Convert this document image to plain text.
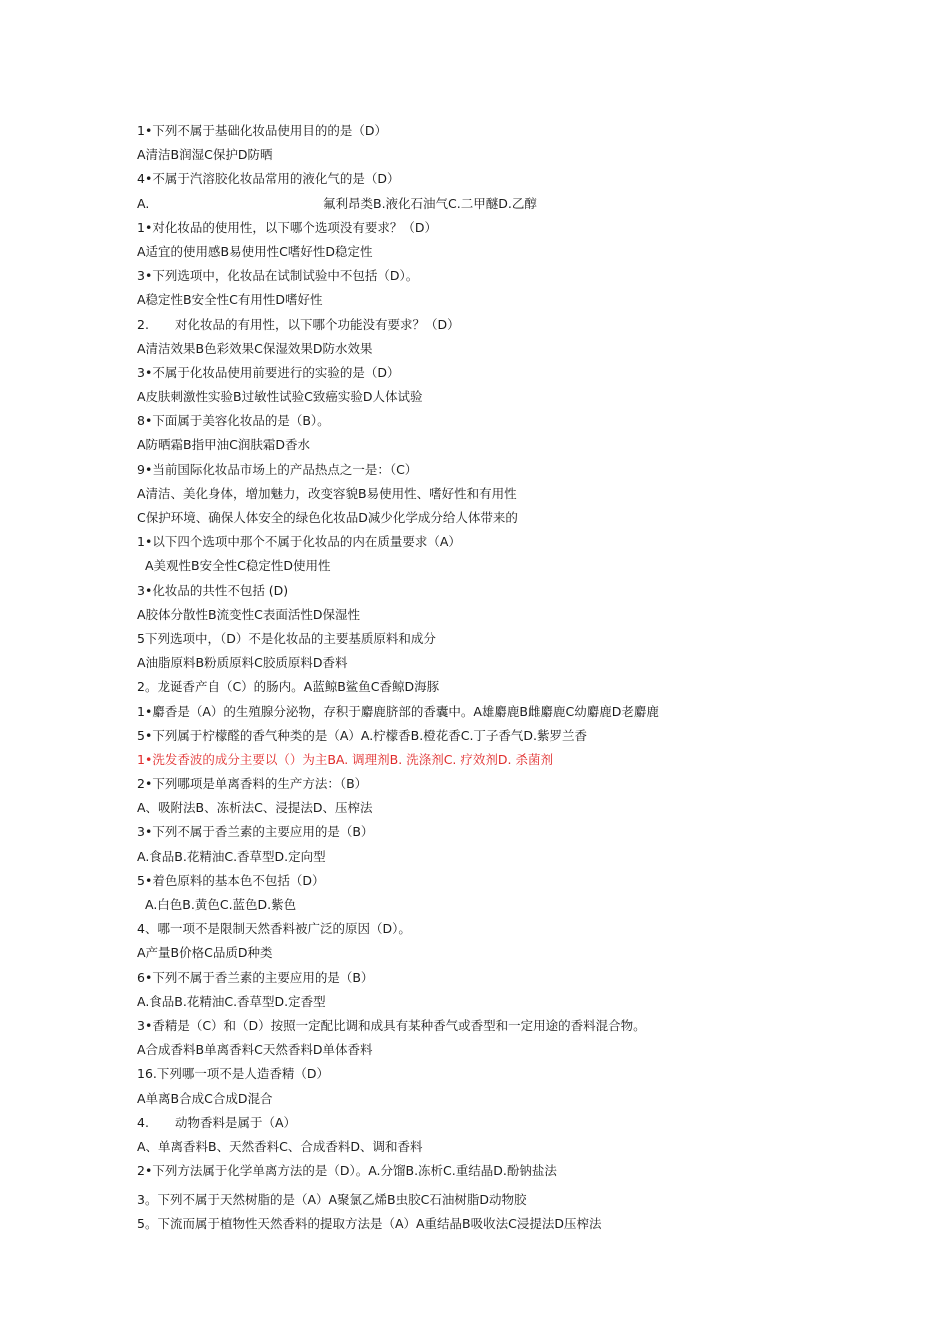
1•下列不属于基础化妆品使用目的的是（D）
A清洁B润湿C保护D防晒
4•不属于汽溶胶化妆品常用的液化气的是（D）
A.	氟利昂类B.液化石油气C.二甲醚D.乙醇
1•对化妆品的使用性，以下哪个选项没有要求？（D）
A适宜的使用感B易使用性C嗜好性D稳定性
3•下列选项中，化妆品在试制试验中不包括（D）。
A稳定性B安全性C有用性D嗜好性
2. 对化妆品的有用性，以下哪个功能没有要求？（D）
A清洁效果B色彩效果C保湿效果D防水效果
3•不属于化妆品使用前要进行的实验的是（D）
A皮肤刺激性实验B过敏性试验C致癌实验D人体试验
8•下面属于美容化妆品的是（B）。
A防晒霜B指甲油C润肤霜D香水
9•当前国际化妆品市场上的产品热点之一是：（C）
A清洁、美化身体，增加魅力，改变容貌B易使用性、嗜好性和有用性
C保护环境、确保人体安全的绿色化妆品D减少化学成分给人体带来的
1•以下四个选项中那个不属于化妆品的内在质量要求（A）
A美观性B安全性C稳定性D使用性
3•化妆品的共性不包括 (D)
A胶体分散性B流变性C表面活性D保湿性
5下列选项中，（D）不是化妆品的主要基质原料和成分
A油脂原料B粉质原料C胶质原料D香料
2。龙诞香产自（C）的肠内。A蓝鲸B鲨鱼C香鲸D海豚
1•麝香是（A）的生殖腺分泌物，存积于麝鹿脐部的香囊中。A雄麝鹿B雌麝鹿C幼麝鹿D老麝鹿
5•下列属于柠檬醛的香气种类的是（A）A.柠檬香B.橙花香C.丁子香气D.紫罗兰香
1•洗发香波的成分主要以（）为主BA. 调理剂B. 洗涤剂C. 疗效剂D. 杀菌剂
2•下列哪项是单离香料的生产方法：（B）
A、吸附法B、冻析法C、浸提法D、压榨法
3•下列不属于香兰素的主要应用的是（B）
A.食品B.花精油C.香草型D.定向型
5•着色原料的基本色不包括（D）
A.白色B.黄色C.蓝色D.紫色
4、哪一项不是限制天然香料被广泛的原因（D）。
A产量B价格C品质D种类
6•下列不属于香兰素的主要应用的是（B）
A.食品B.花精油C.香草型D.定香型
3•香精是（C）和（D）按照一定配比调和成具有某种香气或香型和一定用途的香料混合物。
A合成香料B单离香料C天然香料D单体香料
16.下列哪一项不是人造香精（D）
A单离B合成C合成D混合
4. 动物香料是属于（A）
A、单离香料B、天然香料C、合成香料D、调和香料
2•下列方法属于化学单离方法的是（D）。A.分馏B.冻析C.重结晶D.酚钠盐法
3。下列不属于天然树脂的是（A）A聚氯乙烯B虫胶C石油树脂D动物胶
5。下流而属于植物性天然香料的提取方法是（A）A重结晶B吸收法C浸提法D压榨法
